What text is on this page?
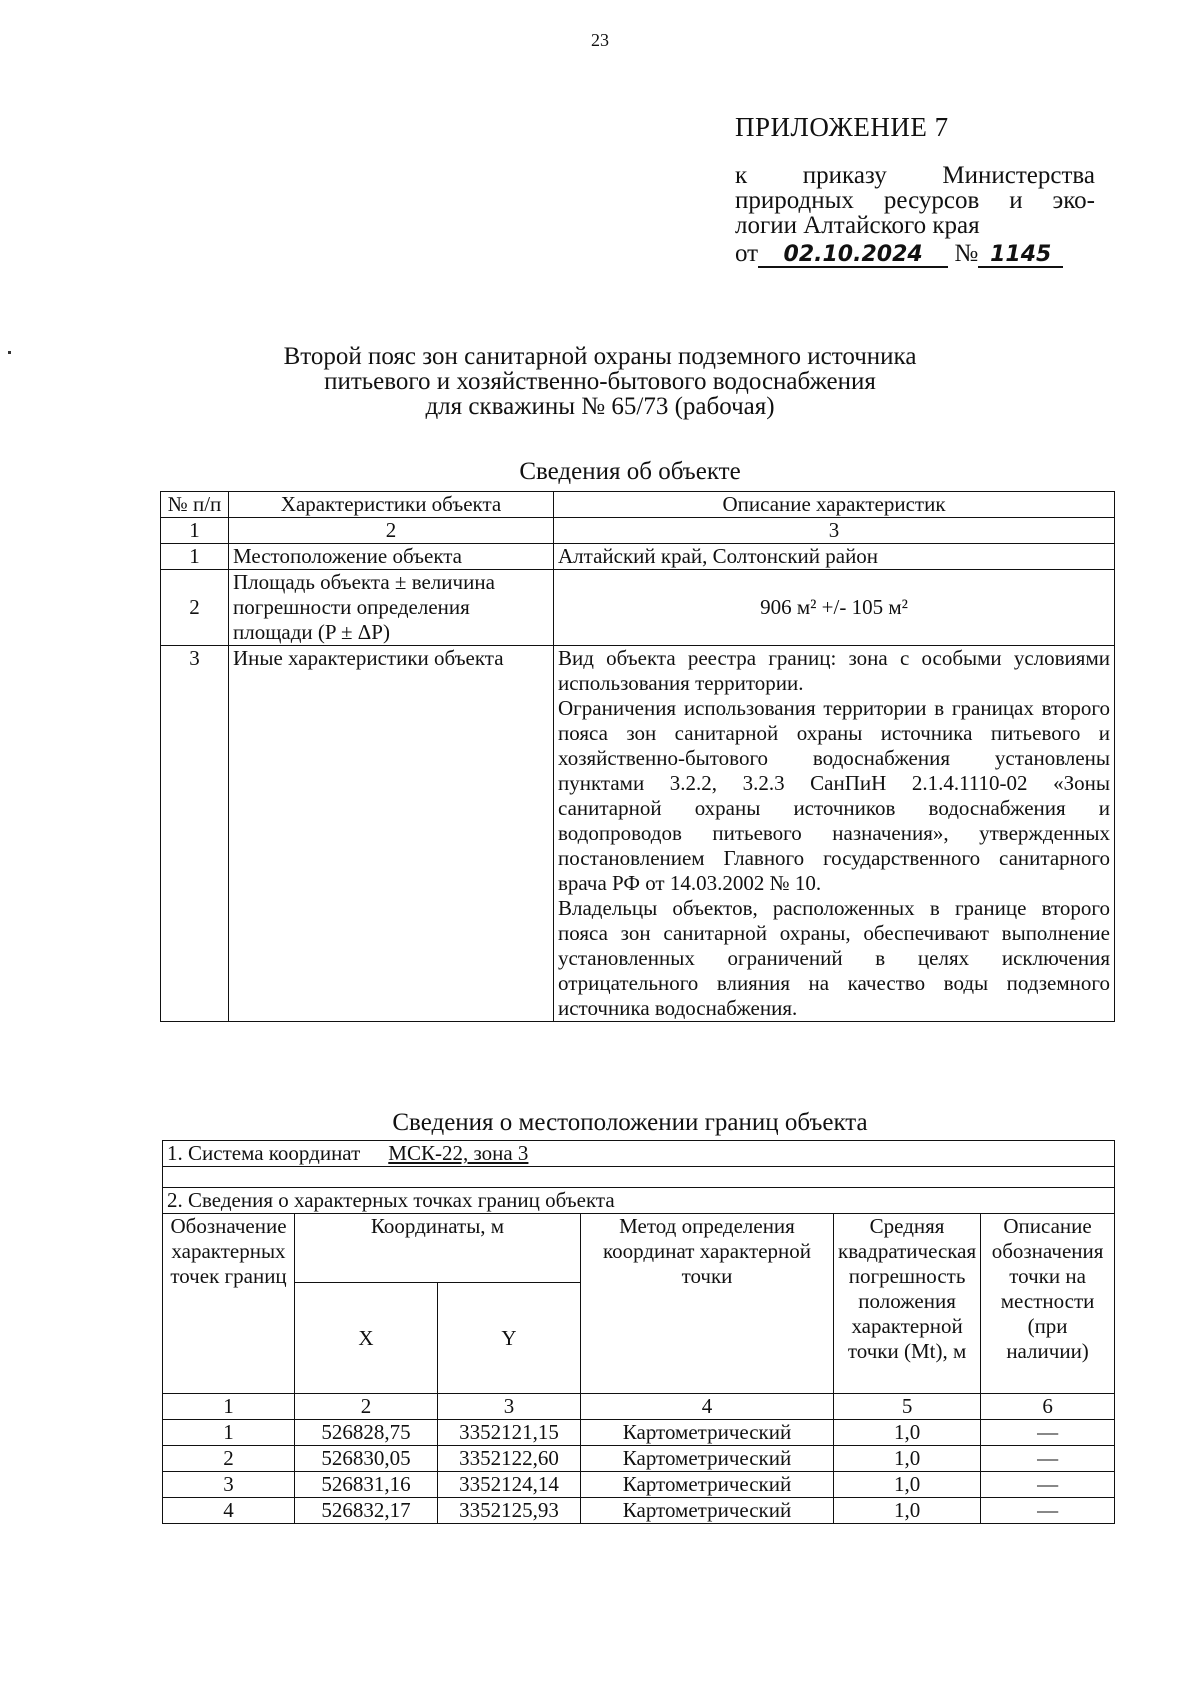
23
ПРИЛОЖЕНИЕ 7
к приказу Министерства
природных ресурсов и эко-
логии Алтайского края
от 02.10.2024 № 1145
Второй пояс зон санитарной охраны подземного источника
питьевого и хозяйственно-бытового водоснабжения
для скважины № 65/73 (рабочая)
Сведения об объекте
№ п/п	Характеристики объекта	Описание характеристик
1	2	3
1	Местоположение объекта	Алтайский край, Солтонский район
2	Площадь объекта ± величина погрешности определения площади (P ± ΔP)	906 м² +/- 105 м²
3	Иные характеристики объекта	Вид объекта реестра границ: зона с особыми условиями использования территории.
Ограничения использования территории в границах второго пояса зон санитарной охраны источника питьевого и хозяйственно-бытового водоснабжения установлены пунктами 3.2.2, 3.2.3 СанПиН 2.1.4.1110-02 «Зоны санитарной охраны источников водоснабжения и водопроводов питьевого назначения», утвержденных постановлением Главного государственного санитарного врача РФ от 14.03.2002 № 10.
Владельцы объектов, расположенных в границе второго пояса зон санитарной охраны, обеспечивают выполнение установленных ограничений в целях исключения отрицательного влияния на качество воды подземного источника водоснабжения.
Сведения о местоположении границ объекта
1. Система координат МСК-22, зона 3					

2. Сведения о характерных точках границ объекта					
Обозначение характерных точек границ	Координаты, м		Метод определения координат характерной точки	Средняя квадратическая погрешность положения характерной точки (Mt), м	Описание обозначения точки на местности (при наличии)
	X	Y			
1	2	3	4	5	6
1	526828,75	3352121,15	Картометрический	1,0	—
2	526830,05	3352122,60	Картометрический	1,0	—
3	526831,16	3352124,14	Картометрический	1,0	—
4	526832,17	3352125,93	Картометрический	1,0	—
